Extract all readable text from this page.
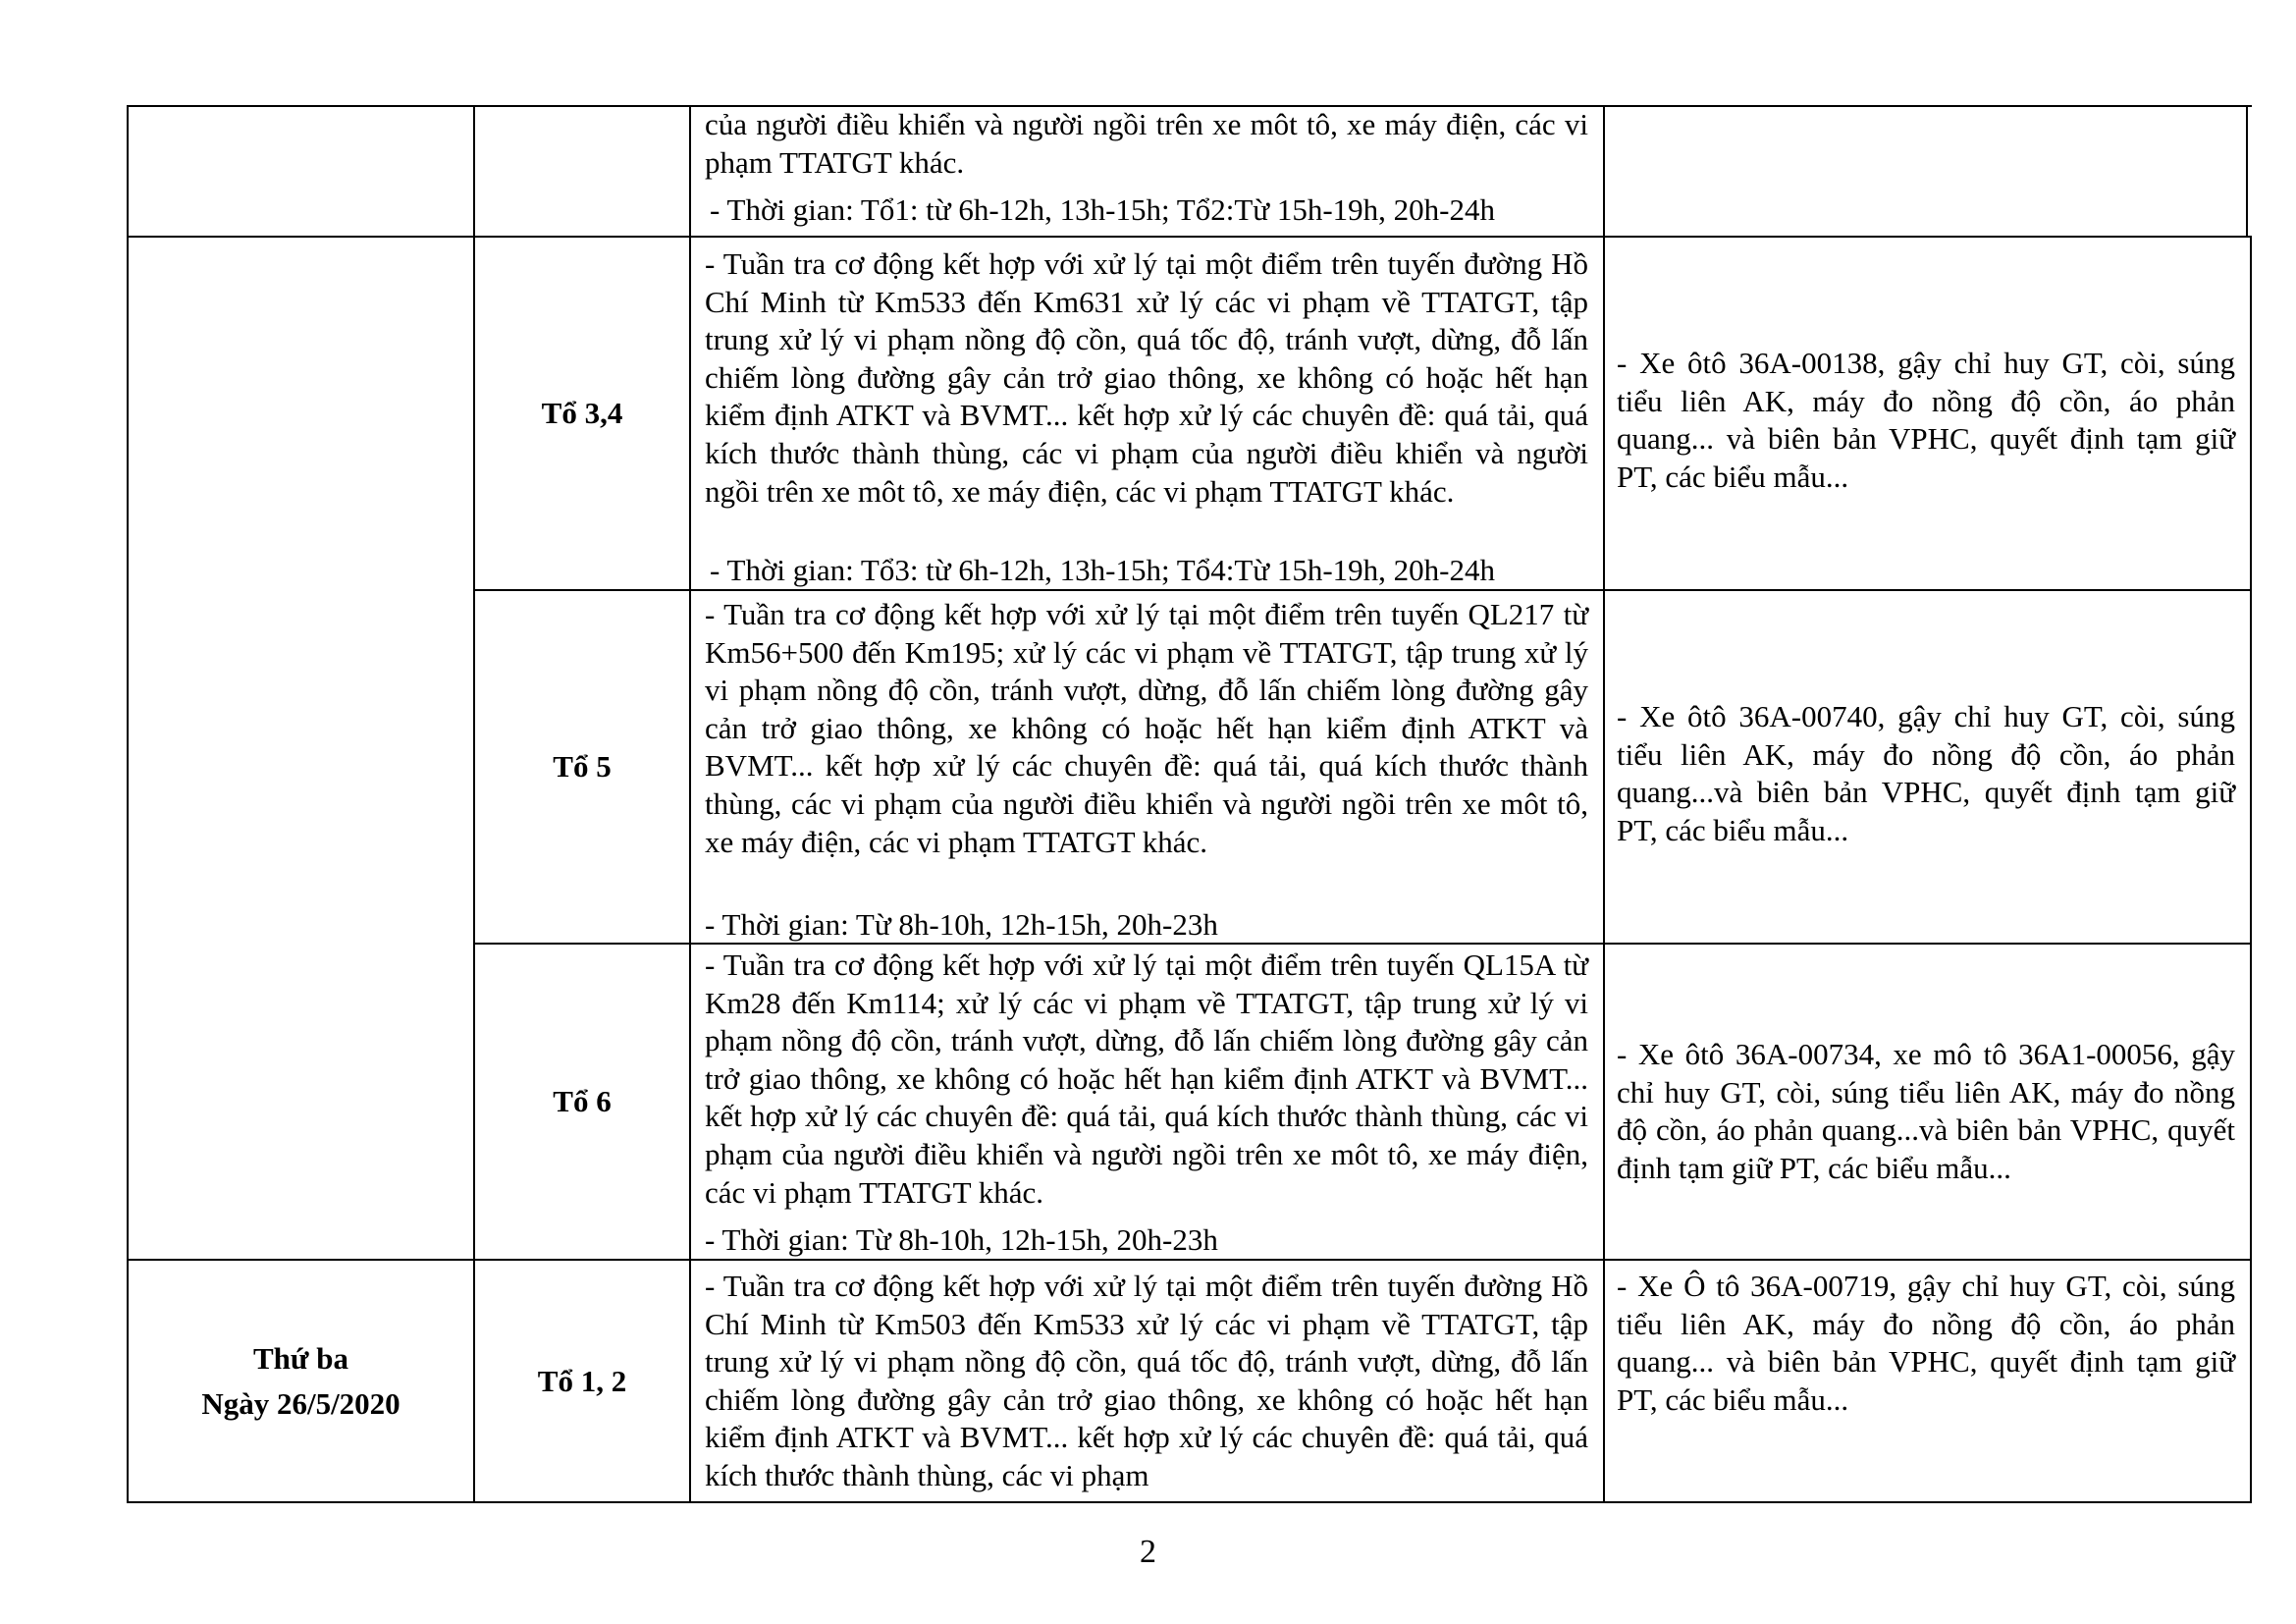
của người điều khiển và người ngồi trên xe môt tô, xe máy điện, các vi phạm TTATGT khác.

- Thời gian: Tổ1: từ 6h-12h, 13h-15h; Tổ2:Từ 15h-19h, 20h-24h
Tổ 3,4

- Tuần tra cơ động kết hợp với xử lý tại một điểm trên tuyến đường Hồ Chí Minh từ Km533 đến Km631 xử lý các vi phạm về TTATGT, tập trung xử lý vi phạm nồng độ cồn, quá tốc độ, tránh vượt, dừng, đỗ lấn chiếm lòng đường gây cản trở giao thông, xe không có hoặc hết hạn kiểm định ATKT và BVMT... kết hợp xử lý các chuyên đề: quá tải, quá kích thước thành thùng, các vi phạm của người điều khiển và người ngồi trên xe môt tô, xe máy điện, các vi phạm TTATGT khác.

- Thời gian: Tổ3: từ 6h-12h, 13h-15h; Tổ4:Từ 15h-19h, 20h-24h

- Xe ôtô 36A-00138, gậy chỉ huy GT, còi, súng tiểu liên AK, máy đo nồng độ cồn, áo phản quang... và biên bản VPHC, quyết định tạm giữ PT, các biểu mẫu...

Tổ 5

- Tuần tra cơ động kết hợp với xử lý tại một điểm trên tuyến QL217 từ Km56+500 đến Km195; xử lý các vi phạm về TTATGT, tập trung xử lý vi phạm nồng độ cồn, tránh vượt, dừng, đỗ lấn chiếm lòng đường gây cản trở giao thông, xe không có hoặc hết hạn kiểm định ATKT và BVMT... kết hợp xử lý các chuyên đề: quá tải, quá kích thước thành thùng, các vi phạm của người điều khiển và người ngồi trên xe môt tô, xe máy điện, các vi phạm TTATGT khác.

- Thời gian: Từ 8h-10h, 12h-15h, 20h-23h

- Xe ôtô 36A-00740, gậy chỉ huy GT, còi, súng tiểu liên AK, máy đo nồng độ cồn, áo phản quang...và biên bản VPHC, quyết định tạm giữ PT, các biểu mẫu...

Tổ 6

- Tuần tra cơ động kết hợp với xử lý tại một điểm trên tuyến QL15A từ Km28 đến Km114; xử lý các vi phạm về TTATGT, tập trung xử lý vi phạm nồng độ cồn, tránh vượt, dừng, đỗ lấn chiếm lòng đường gây cản trở giao thông, xe không có hoặc hết hạn kiểm định ATKT và BVMT... kết hợp xử lý các chuyên đề: quá tải, quá kích thước thành thùng, các vi phạm của người điều khiển và người ngồi trên xe môt tô, xe máy điện, các vi phạm TTATGT khác.

- Thời gian: Từ 8h-10h, 12h-15h, 20h-23h

- Xe ôtô 36A-00734, xe mô tô 36A1-00056, gậy chỉ huy GT, còi, súng tiểu liên AK, máy đo nồng độ cồn, áo phản quang...và biên bản VPHC, quyết định tạm giữ PT, các biểu mẫu...

Thứ ba
Ngày 26/5/2020
Tổ 1, 2

- Tuần tra cơ động kết hợp với xử lý tại một điểm trên tuyến đường Hồ Chí Minh từ Km503 đến Km533 xử lý các vi phạm về TTATGT, tập trung xử lý vi phạm nồng độ cồn, quá tốc độ, tránh vượt, dừng, đỗ lấn chiếm lòng đường gây cản trở giao thông, xe không có hoặc hết hạn kiểm định ATKT và BVMT... kết hợp xử lý các chuyên đề: quá tải, quá kích thước thành thùng, các vi phạm

- Xe Ô tô 36A-00719, gậy chỉ huy GT, còi, súng tiểu liên AK, máy đo nồng độ cồn, áo phản quang... và biên bản VPHC, quyết định tạm giữ PT, các biểu mẫu...

2
